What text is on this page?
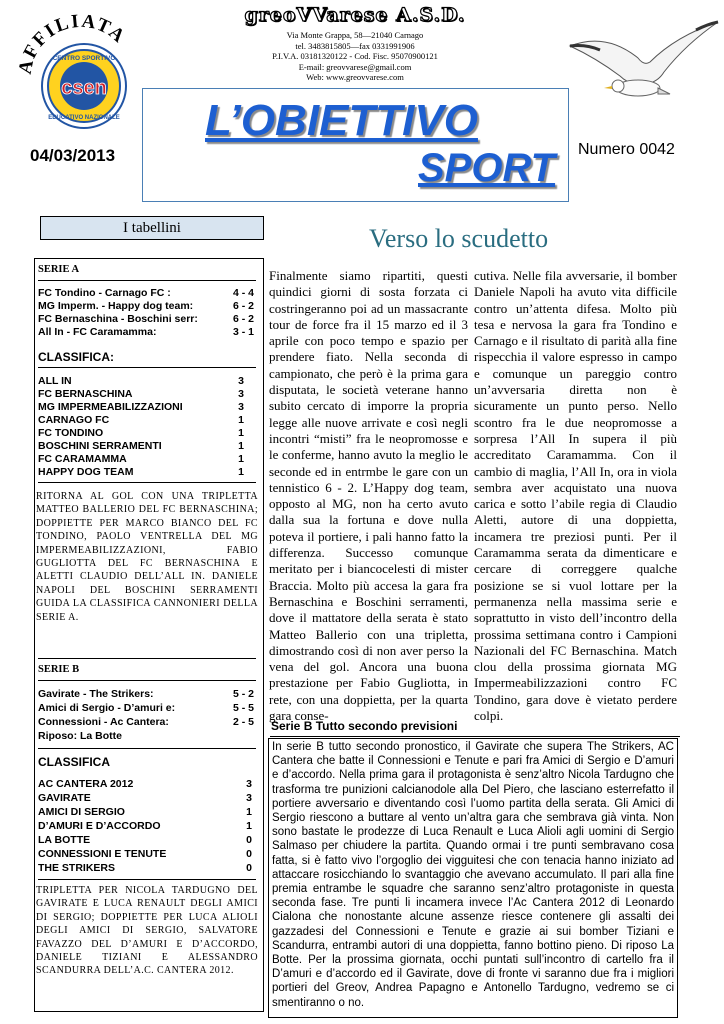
AFFILIATA
CENTRO SPORTIVO
csen
EDUCATIVO NAZIONALE
greoVVarese A.S.D.
Via Monte Grappa, 58—21040 Carnago
tel. 3483815805—fax 0331991906
P.I.V.A. 03181320122 - Cod. Fisc. 95070900121
E-mail: greovvarese@gmail.com
Web: www.greovvarese.com
L’OBIETTIVO
SPORT
04/03/2013	Numero 0042
I tabellini
SERIE A
FC Tondino - Carnago FC :	4 - 4
MG Imperm. - Happy dog team:	6 - 2
FC Bernaschina - Boschini serr:	6 - 2
All In - FC Caramamma:	3 - 1
CLASSIFICA:
ALL IN	3
FC BERNASCHINA	3
MG IMPERMEABILIZZAZIONI	3
CARNAGO FC	1
FC TONDINO	1
BOSCHINI SERRAMENTI	1
FC CARAMAMMA	1
HAPPY DOG TEAM	1
RITORNA AL GOL CON UNA TRIPLETTA MATTEO BALLERIO DEL FC BERNASCHINA; DOPPIETTE PER MARCO BIANCO DEL FC TONDINO, PAOLO VENTRELLA DEL MG IMPERMEABILIZZAZIONI, FABIO GUGLIOTTA DEL FC BERNASCHINA E ALETTI CLAUDIO DELL’ALL IN. DANIELE NAPOLI DEL BOSCHINI SERRAMENTI GUIDA LA CLASSIFICA CANNONIERI DELLA SERIE A.
SERIE B
Gavirate - The Strikers:	5 - 2
Amici di Sergio - D’amuri e:	5 - 5
Connessioni - Ac Cantera:	2 - 5
Riposo: La Botte
CLASSIFICA
AC CANTERA 2012	3
GAVIRATE	3
AMICI DI SERGIO	1
D’AMURI E D’ACCORDO	1
LA BOTTE	0
CONNESSIONI E TENUTE	0
THE STRIKERS	0
TRIPLETTA PER NICOLA TARDUGNO DEL GAVIRATE E LUCA RENAULT DEGLI AMICI DI SERGIO; DOPPIETTE PER LUCA ALIOLI DEGLI AMICI DI SERGIO, SALVATORE FAVAZZO DEL D’AMURI E D’ACCORDO, DANIELE TIZIANI E ALESSANDRO SCANDURRA DELL’A.C. CANTERA 2012.
Verso lo scudetto
Finalmente siamo ripartiti, questi quindici giorni di sosta forzata ci costringeranno poi ad un massacrante tour de force fra il 15 marzo ed il 3 aprile con poco tempo e spazio per prendere fiato. Nella seconda di campionato, che però è la prima gara disputata, le società veterane hanno subito cercato di imporre la propria legge alle nuove arrivate e così negli incontri “misti” fra le neopromosse e le conferme, hanno avuto la meglio le seconde ed in entrmbe le gare con un tennistico 6 - 2. L’Happy dog team, opposto al MG, non ha certo avuto dalla sua la fortuna e dove nulla poteva il portiere, i pali hanno fatto la differenza. Successo comunque meritato per i biancocelesti di mister Braccia. Molto più accesa la gara fra Bernaschina e Boschini serramenti, dove il mattatore della serata è stato Matteo Ballerio con una tripletta, dimostrando così di non aver perso la vena del gol. Ancora una buona prestazione per Fabio Gugliotta, in rete, con una doppietta, per la quarta gara conse-
cutiva. Nelle fila avversarie, il bomber Daniele Napoli ha avuto vita difficile contro un’attenta difesa. Molto più tesa e nervosa la gara fra Tondino e Carnago e il risultato di parità alla fine rispecchia il valore espresso in campo e comunque un pareggio contro un’avversaria diretta non è sicuramente un punto perso. Nello scontro fra le due neopromosse a sorpresa l’All In supera il più accreditato Caramamma. Con il cambio di maglia, l’All In, ora in viola sembra aver acquistato una nuova carica e sotto l’abile regia di Claudio Aletti, autore di una doppietta, incamera tre preziosi punti. Per il Caramamma serata da dimenticare e cercare di correggere qualche posizione se si vuol lottare per la permanenza nella massima serie e soprattutto in visto dell’incontro della prossima settimana contro i Campioni Nazionali del FC Bernaschina. Match clou della prossima giornata MG Impermeabilizzazioni contro FC Tondino, gara dove è vietato perdere colpi.
Serie B Tutto secondo previsioni
In serie B tutto secondo pronostico, il Gavirate che supera The Strikers, AC Cantera che batte il Connessioni e Tenute e pari fra Amici di Sergio e D’amuri e d’accordo. Nella prima gara il protagonista è senz’altro Nicola Tardugno che trasforma tre punizioni calcianodole alla Del Piero, che lasciano esterrefatto il portiere avversario e diventando così l’uomo partita della serata. Gli Amici di Sergio riescono a buttare al vento un’altra gara che sembrava già vinta. Non sono bastate le prodezze di Luca Renault e Luca Alioli agli uomini di Sergio Salmaso per chiudere la partita. Quando ormai i tre punti sembravano cosa fatta, si è fatto vivo l’orgoglio dei vigguitesi che con tenacia hanno iniziato ad attaccare rosicchiando lo svantaggio che avevano accumulato. Il pari alla fine premia entrambe le squadre che saranno senz’altro protagoniste in questa seconda fase. Tre punti li incamera invece l’Ac Cantera 2012 di Leonardo Cialona che nonostante alcune assenze riesce contenere gli assalti dei gazzadesi del Connessioni e Tenute e grazie ai sui bomber Tiziani e Scandurra, entrambi autori di una doppietta, fanno bottino pieno. Di riposo La Botte. Per la prossima giornata, occhi puntati sull’incontro di cartello fra il D’amuri e d’accordo ed il Gavirate, dove di fronte vi saranno due fra i migliori portieri del Greov, Andrea Papagno e Antonello Tardugno, vedremo se ci smentiranno o no.
